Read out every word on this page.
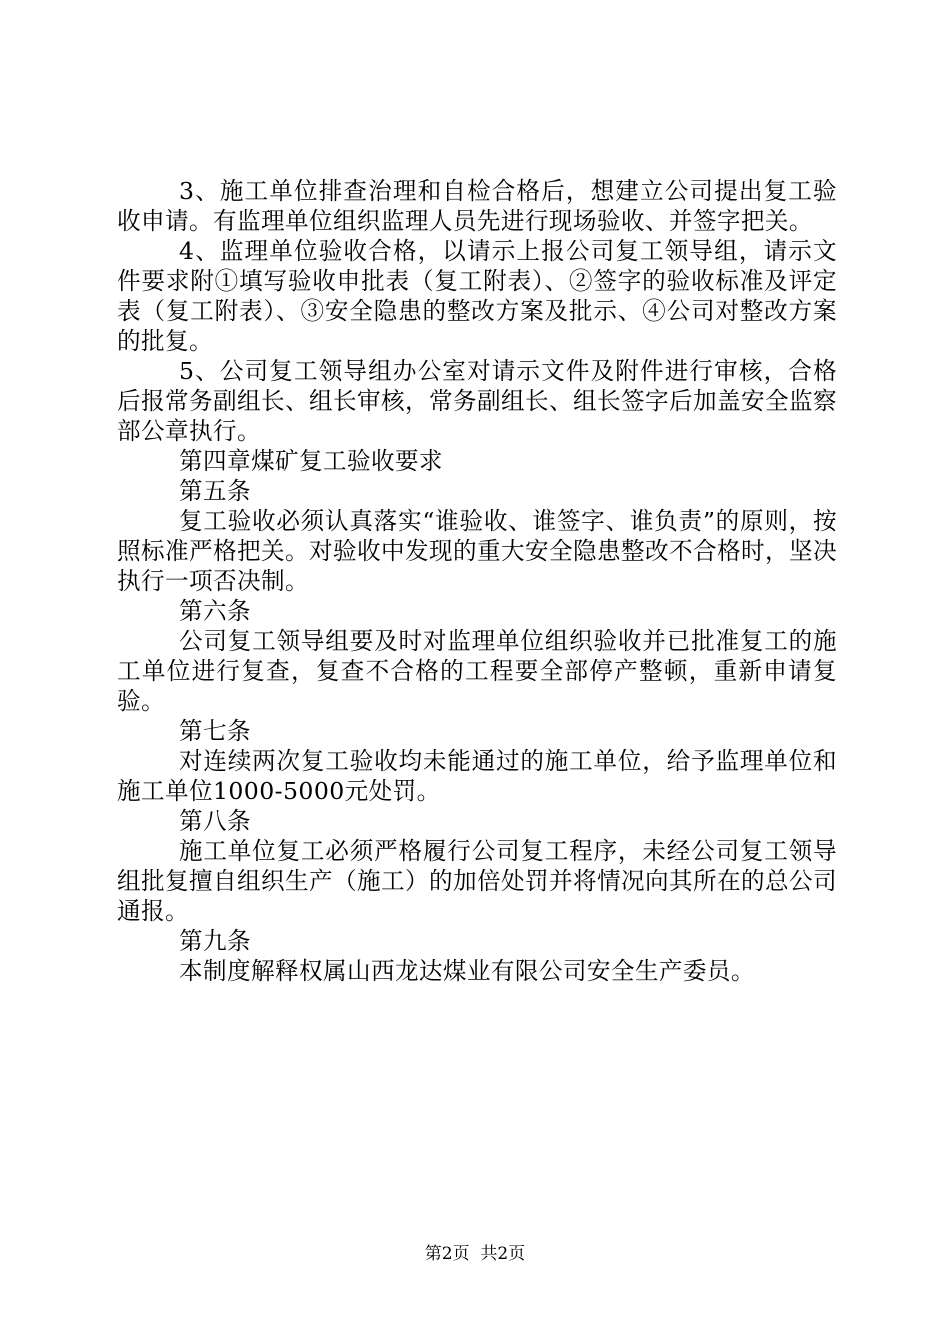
3、施工单位排查治理和自检合格后，想建立公司提出复工验收申请。有监理单位组织监理人员先进行现场验收、并签字把关。

4、监理单位验收合格，以请示上报公司复工领导组，请示文件要求附①填写验收申批表（复工附表）、②签字的验收标准及评定表（复工附表）、③安全隐患的整改方案及批示、④公司对整改方案的批复。

5、公司复工领导组办公室对请示文件及附件进行审核，合格后报常务副组长、组长审核，常务副组长、组长签字后加盖安全监察部公章执行。

第四章煤矿复工验收要求

第五条

复工验收必须认真落实“谁验收、谁签字、谁负责”的原则，按照标准严格把关。对验收中发现的重大安全隐患整改不合格时，坚决执行一项否决制。

第六条

公司复工领导组要及时对监理单位组织验收并已批准复工的施工单位进行复查，复查不合格的工程要全部停产整顿，重新申请复验。

第七条

对连续两次复工验收均未能通过的施工单位，给予监理单位和施工单位1000-5000元处罚。

第八条

施工单位复工必须严格履行公司复工程序，未经公司复工领导组批复擅自组织生产（施工）的加倍处罚并将情况向其所在的总公司通报。

第九条

本制度解释权属山西龙达煤业有限公司安全生产委员。

第2页  共2页
